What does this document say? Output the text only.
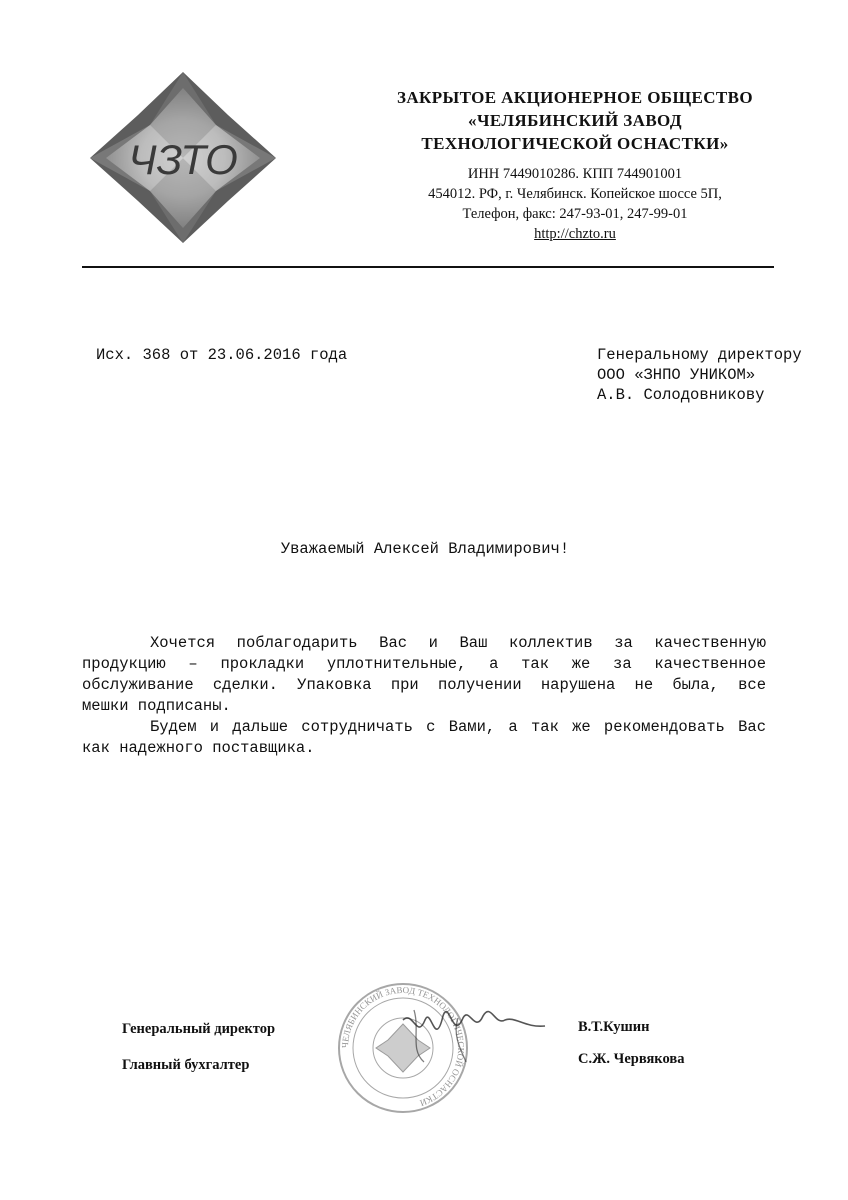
ЧЗТО
ЗАКРЫТОЕ АКЦИОНЕРНОЕ ОБЩЕСТВО
«ЧЕЛЯБИНСКИЙ ЗАВОД
ТЕХНОЛОГИЧЕСКОЙ ОСНАСТКИ»
ИНН 7449010286. КПП 744901001
454012. РФ, г. Челябинск. Копейское шоссе 5П,
Телефон, факс: 247-93-01, 247-99-01
http://chzto.ru
Исх. 368 от 23.06.2016 года	Генеральному директору
ООО «ЗНПО УНИКОМ»
А.В. Солодовникову
Уважаемый Алексей Владимирович!
Хочется поблагодарить Вас и Ваш коллектив за качественную
продукцию – прокладки уплотнительные, а так же за качественное
обслуживание сделки. Упаковка при получении нарушена не была, все
мешки подписаны.
Будем и дальше сотрудничать с Вами, а так же рекомендовать Вас
как надежного поставщика.
ЧЕЛЯБИНСКИЙ ЗАВОД ТЕХНОЛОГИЧЕСКОЙ ОСНАСТКИ
Генеральный директор	В.Т.Кушин
Главный бухгалтер	С.Ж. Червякова
